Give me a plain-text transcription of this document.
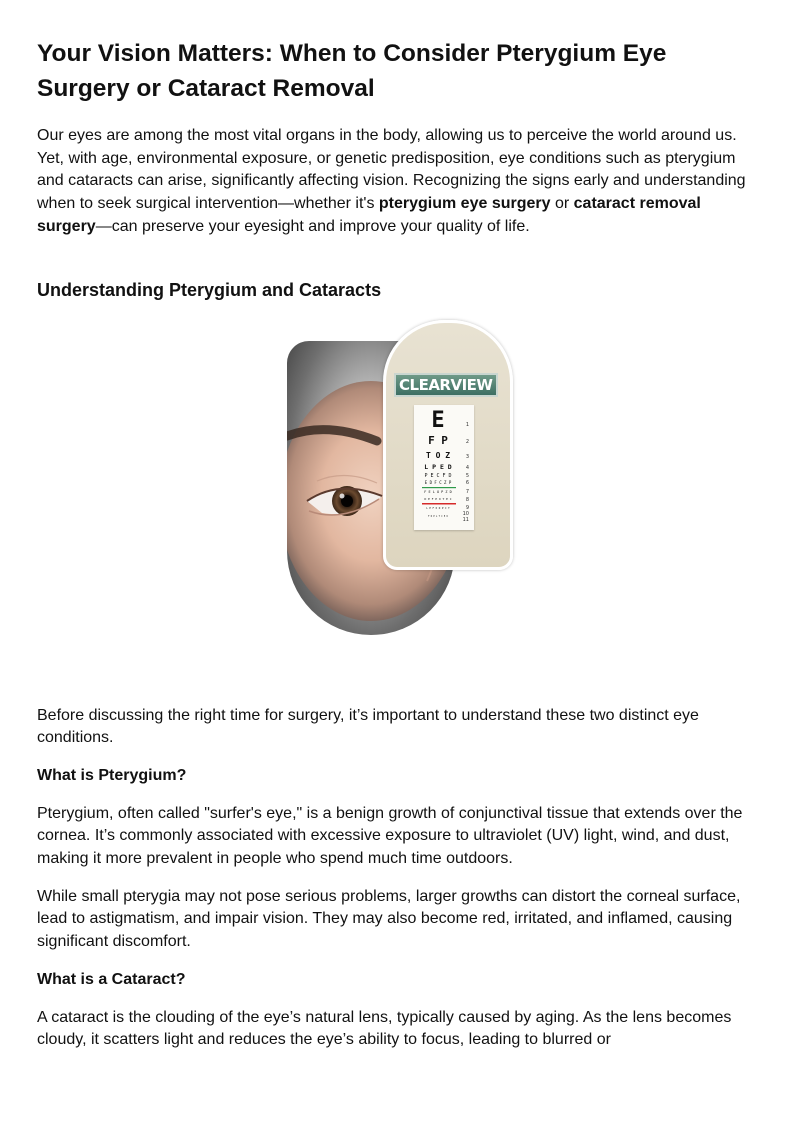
Your Vision Matters: When to Consider Pterygium Eye Surgery or Cataract Removal

Our eyes are among the most vital organs in the body, allowing us to perceive the world around us. Yet, with age, environmental exposure, or genetic predisposition, eye conditions such as pterygium and cataracts can arise, significantly affecting vision. Recognizing the signs early and understanding when to seek surgical intervention—whether it's pterygium eye surgery or cataract removal surgery—can preserve your eyesight and improve your quality of life.

Understanding Pterygium and Cataracts
CLEARVIEW
E
F P
T O Z
L P E D
P E C F D
E D F C Z P
F E L O P Z D
D E F P O T E C
L E F O D P C T
F D P L T C E O
1
2
3
4
5
6
7
8
9
10
11

Before discussing the right time for surgery, it’s important to understand these two distinct eye conditions.

What is Pterygium?

Pterygium, often called "surfer's eye," is a benign growth of conjunctival tissue that extends over the cornea. It’s commonly associated with excessive exposure to ultraviolet (UV) light, wind, and dust, making it more prevalent in people who spend much time outdoors.

While small pterygia may not pose serious problems, larger growths can distort the corneal surface, lead to astigmatism, and impair vision. They may also become red, irritated, and inflamed, causing significant discomfort.

What is a Cataract?

A cataract is the clouding of the eye’s natural lens, typically caused by aging. As the lens becomes cloudy, it scatters light and reduces the eye’s ability to focus, leading to blurred or
